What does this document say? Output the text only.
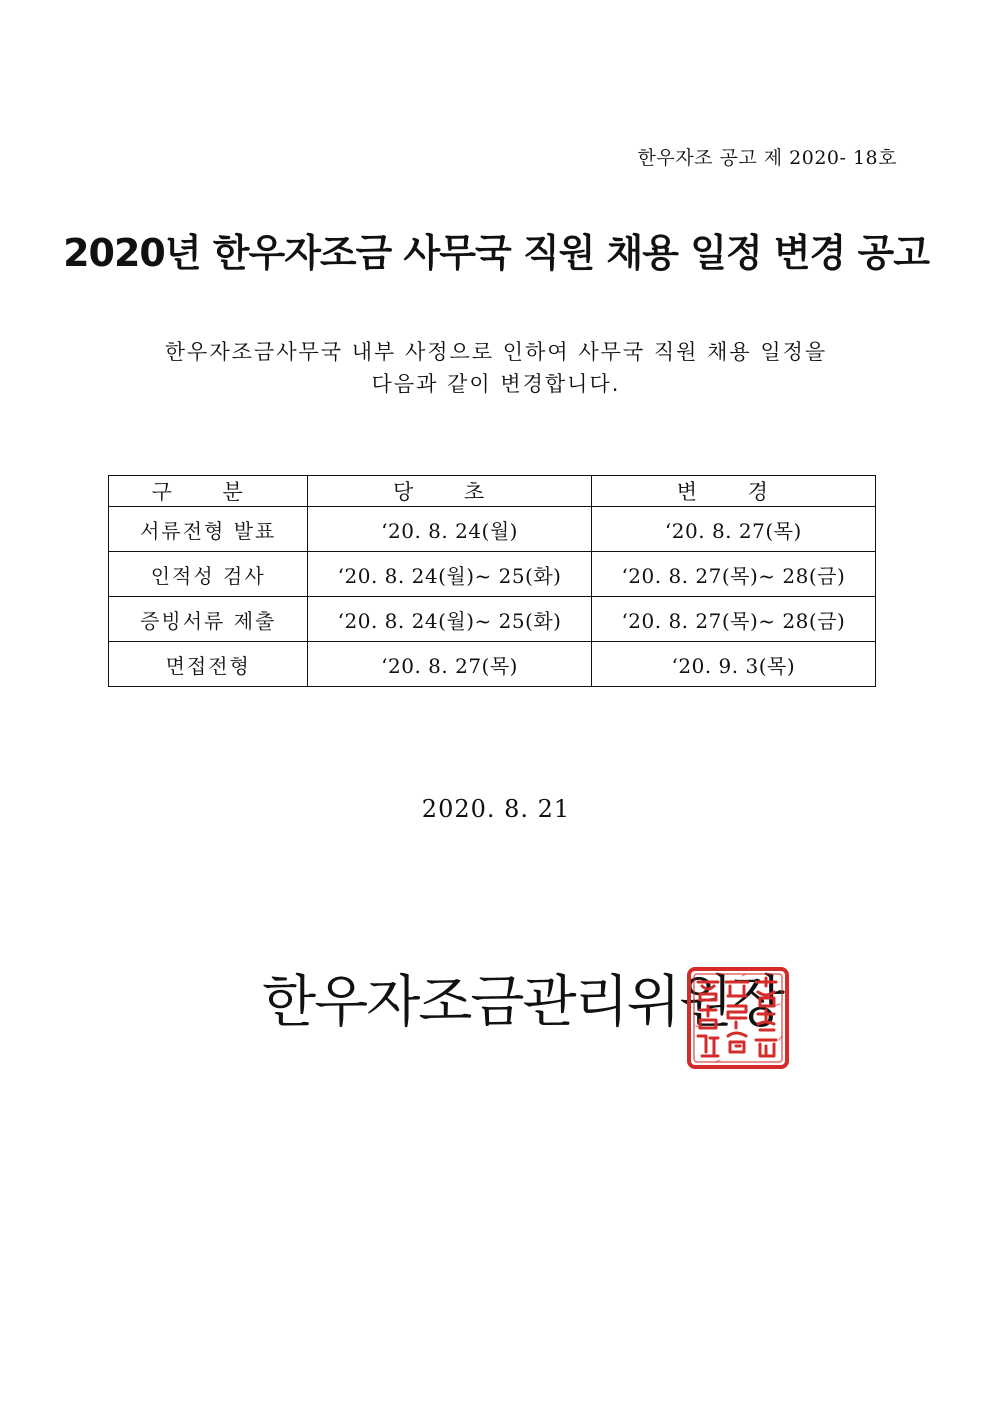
한우자조 공고 제 2020- 18호
2020년 한우자조금 사무국 직원 채용 일정 변경 공고
한우자조금사무국 내부 사정으로 인하여 사무국 직원 채용 일정을
다음과 같이 변경합니다.
구 분	당 초	변 경
서류전형 발표	‘20. 8. 24(월)	‘20. 8. 27(목)
인적성 검사	‘20. 8. 24(월)~ 25(화)	‘20. 8. 27(목)~ 28(금)
증빙서류 제출	‘20. 8. 24(월)~ 25(화)	‘20. 8. 27(목)~ 28(금)
면접전형	‘20. 8. 27(목)	‘20. 9. 3(목)
2020. 8. 21
한우자조금관리위원장
